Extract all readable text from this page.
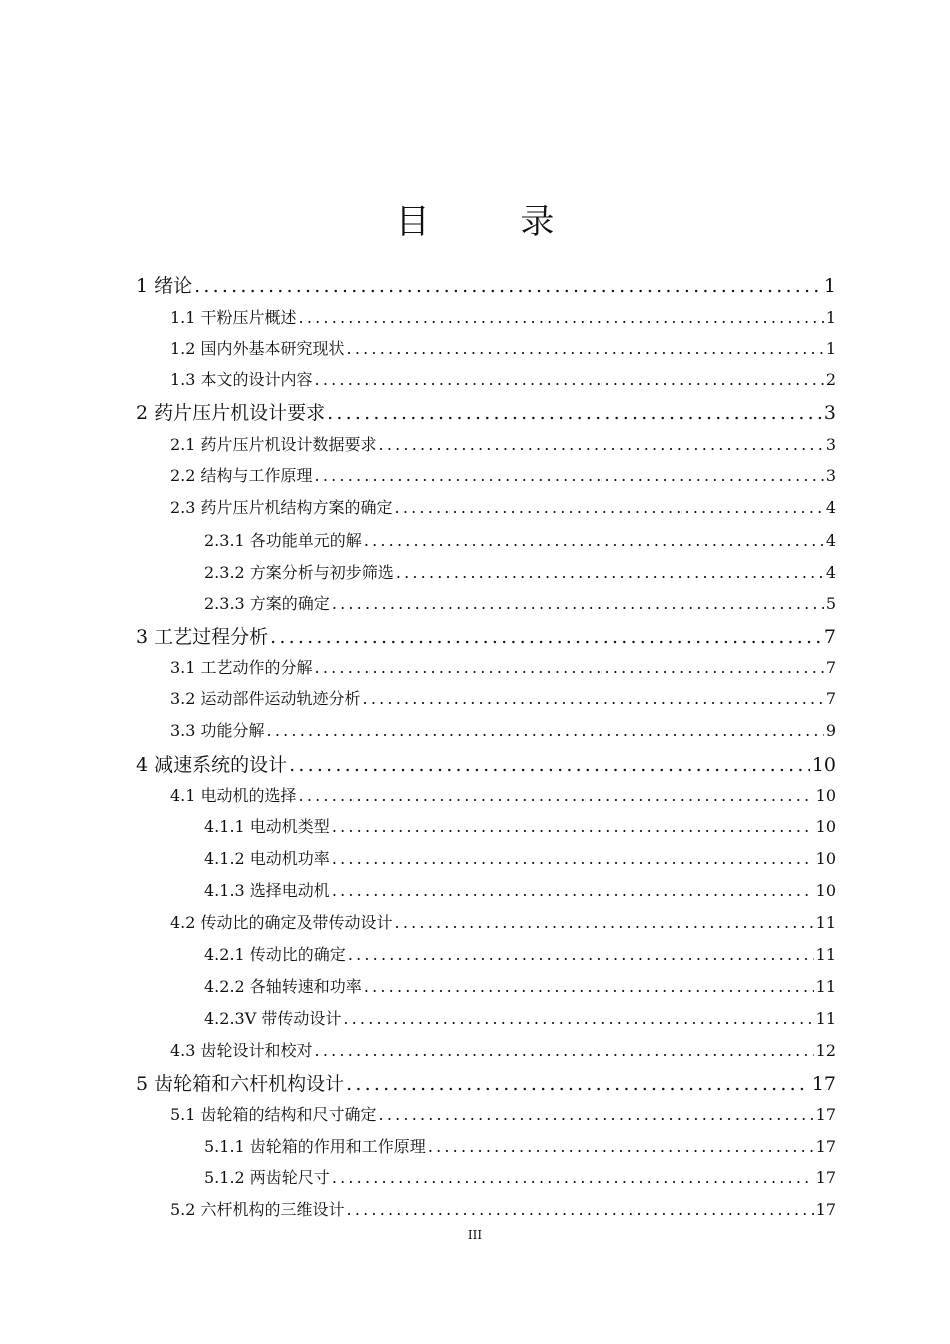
目 录
1 绪论 .....	1
1.1 干粉压片概述 .....	1
1.2 国内外基本研究现状 .....	1
1.3 本文的设计内容 .....	2
2 药片压片机设计要求 .....	3
2.1 药片压片机设计数据要求 .....	3
2.2 结构与工作原理 .....	3
2.3 药片压片机结构方案的确定 .....	4
2.3.1 各功能单元的解 .....	4
2.3.2 方案分析与初步筛选 .....	4
2.3.3 方案的确定 .....	5
3 工艺过程分析 .....	7
3.1 工艺动作的分解 .....	7
3.2 运动部件运动轨迹分析 .....	7
3.3 功能分解 .....	9
4 减速系统的设计 .....	10
4.1 电动机的选择 .....	10
4.1.1 电动机类型 .....	10
4.1.2 电动机功率 .....	10
4.1.3 选择电动机 .....	10
4.2 传动比的确定及带传动设计 .....	11
4.2.1 传动比的确定 .....	11
4.2.2 各轴转速和功率 .....	11
4.2.3V 带传动设计 .....	11
4.3 齿轮设计和校对 .....	12
5 齿轮箱和六杆机构设计 .....	17
5.1 齿轮箱的结构和尺寸确定 .....	17
5.1.1 齿轮箱的作用和工作原理 .....	17
5.1.2 两齿轮尺寸 .....	17
5.2 六杆机构的三维设计 .....	17
III
